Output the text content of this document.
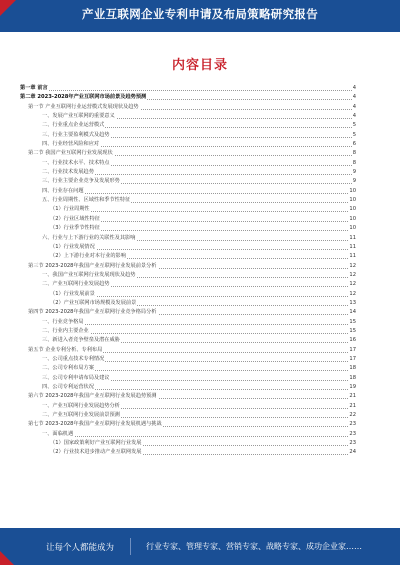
产业互联网企业专利申请及布局策略研究报告
内容目录
第一章 前言	4
第二章 2023-2028年产业互联网市场前景及趋势预测	4
第一节 产业互联网行业运营模式发展现状及趋势	4
一、发展产业互联网的重要意义	4
二、行业重点企业运营模式	5
三、行业主要盈利模式及趋势	5
四、行业经营风险和应对	6
第二节 我国产业互联网行业发展现状	8
一、行业技术水平、技术特点	8
二、行业技术发展趋势	9
三、行业主要企业竞争及发展形势	9
四、行业存在问题	10
五、行业周期性、区域性和季节性特征	10
（1）行业周期性	10
（2）行业区域性特征	10
（3）行业季节性特征	10
六、行业与上下游行业的关联性及其影响	11
（1）行业发展情况	11
（2）上下游行业对本行业的影响	11
第三节 2023-2028年我国产业互联网行业发展前景分析	12
一、我国产业互联网行业发展现状及趋势	12
二、产业互联网行业发展趋势	12
（1）行业发展前景	12
（2）产业互联网市场规模及发展前景	13
第四节 2023-2028年我国产业互联网行业竞争格局分析	14
一、行业竞争格局	15
二、行业内主要企业	15
三、新进入者竞争壁垒及潜在威胁	16
第五节 企业专利分析、专利布局	17
一、公司重点技术专利情况	17
二、公司专利布局方案	18
三、公司专利申请布局及建议	18
四、公司专利运营状况	19
第六节 2023-2028年我国产业互联网行业发展趋势预测	21
一、产业互联网行业发展趋势分析	21
二、产业互联网行业发展前景预测	22
第七节 2023-2028年我国产业互联网行业发展机遇与挑战	23
一、面临机遇	23
（1）国家政策利好产业互联网行业发展	23
（2）行业技术进步推动产业互联网发展	24
让每个人都能成为	行业专家、管理专家、营销专家、战略专家、成功企业家……
